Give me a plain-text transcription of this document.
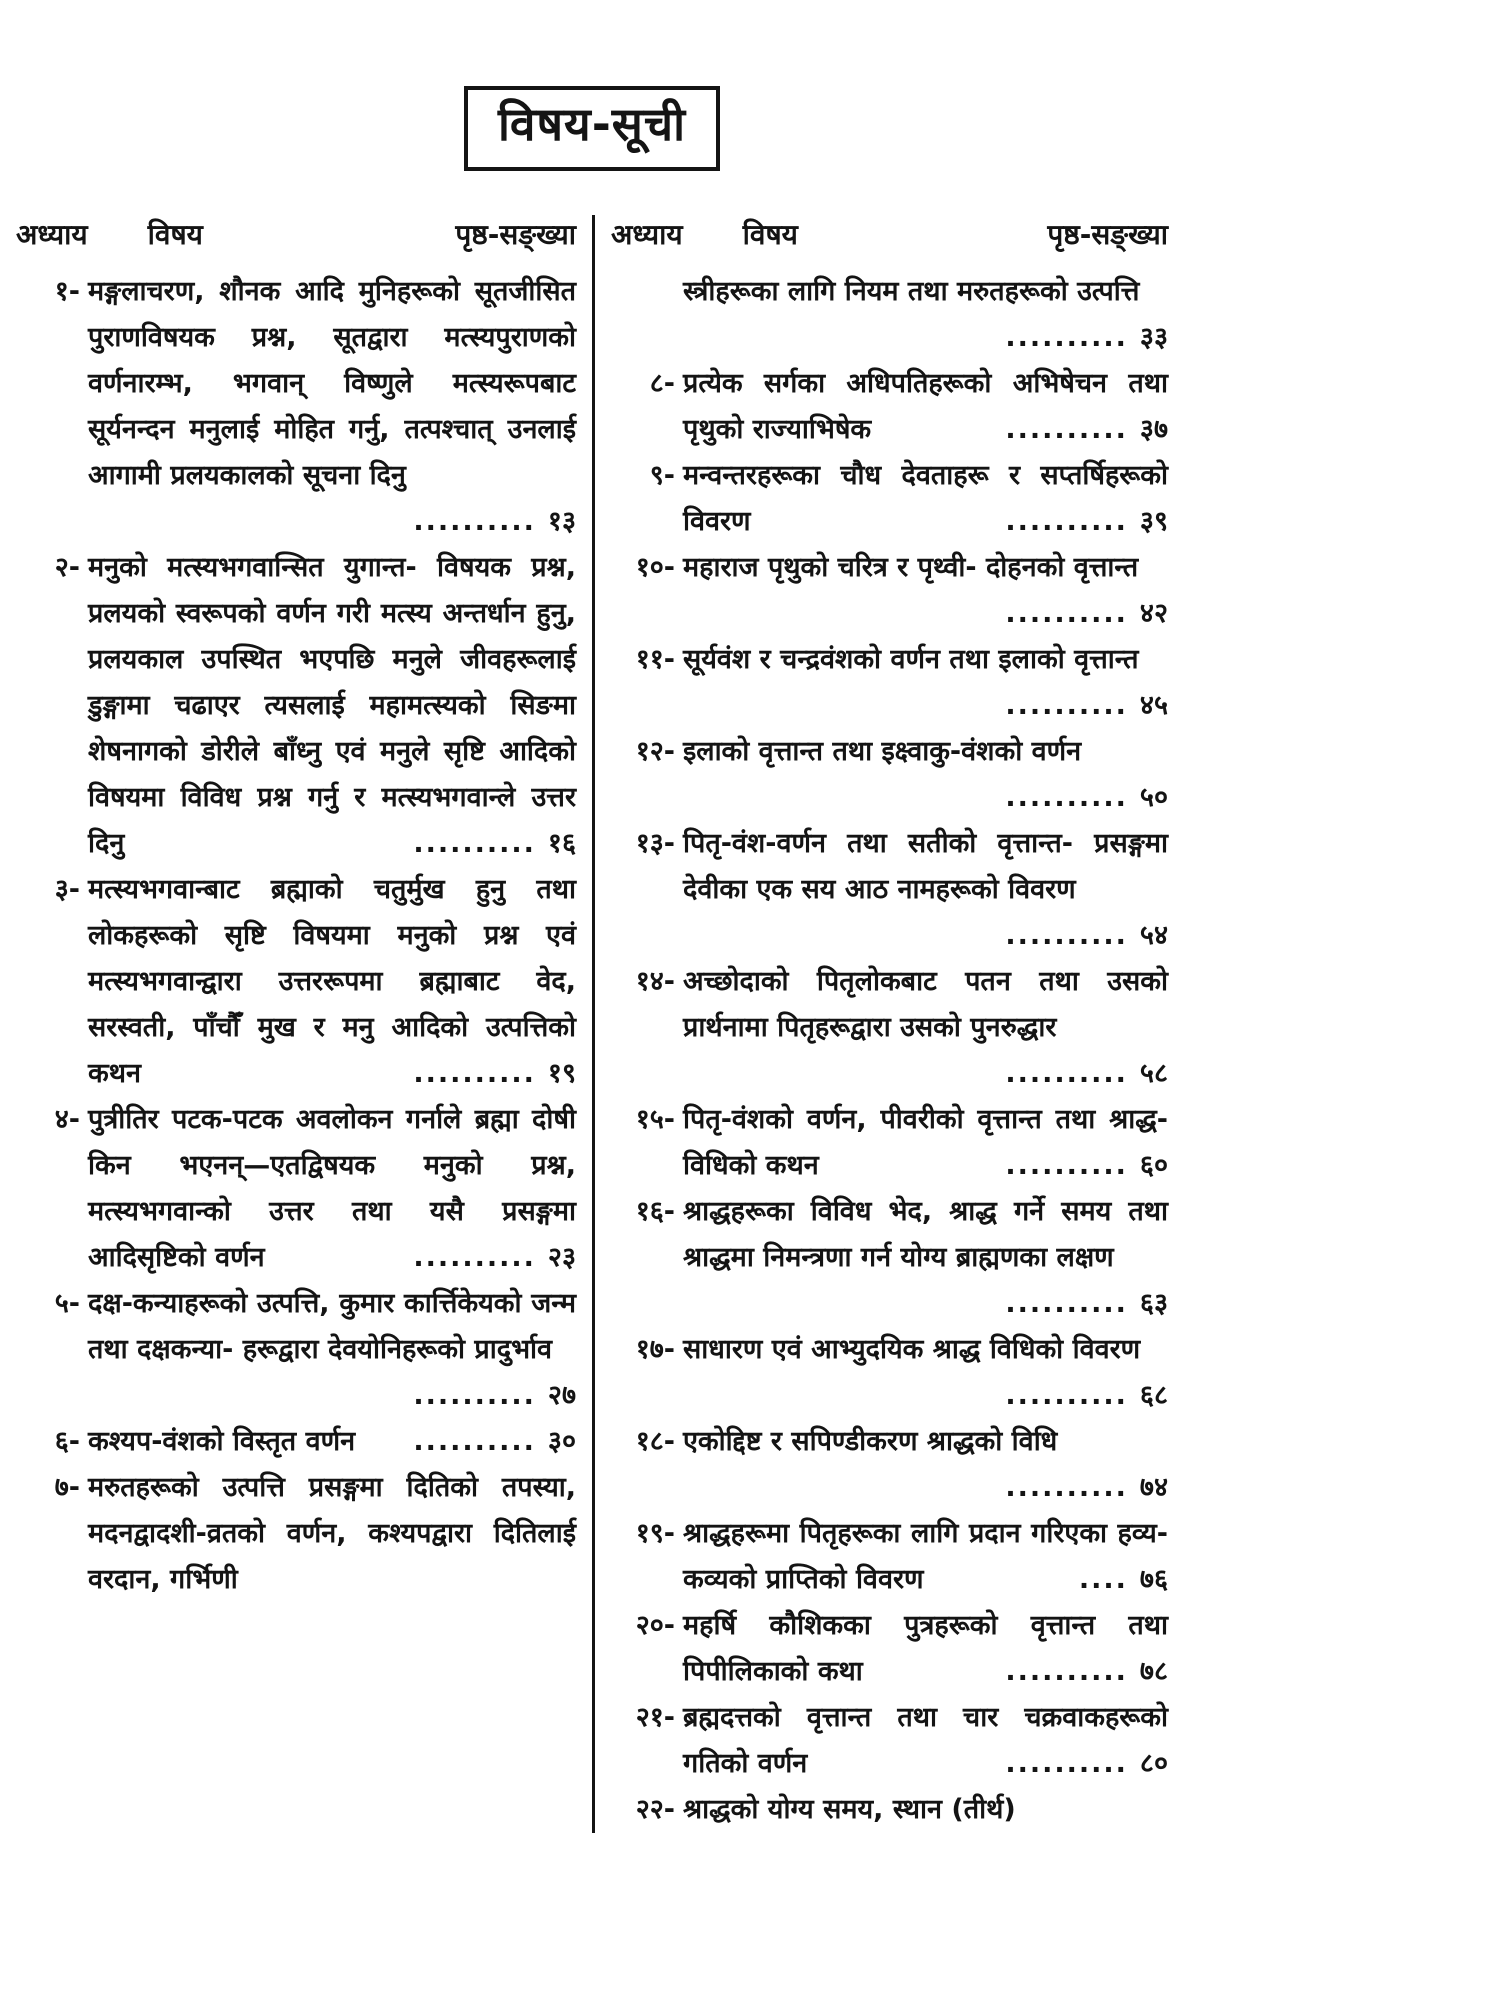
विषय-सूची
अध्याय विषय	पृष्ठ-सङ्ख्या
१- मङ्गलाचरण, शौनक आदि मुनिहरूको सूतजीसित पुराणविषयक प्रश्न, सूतद्वारा मत्स्यपुराणको वर्णनारम्भ, भगवान् विष्णुले मत्स्यरूपबाट सूर्यनन्दन मनुलाई मोहित गर्नु, तत्पश्चात् उनलाई आगामी प्रलयकालको सूचना दिनु
.......... १३
२- मनुको मत्स्यभगवान्सित युगान्त- विषयक प्रश्न, प्रलयको स्वरूपको वर्णन गरी मत्स्य अन्तर्धान हुनु, प्रलयकाल उपस्थित भएपछि मनुले जीवहरूलाई डुङ्गामा चढाएर त्यसलाई महामत्स्यको सिङमा शेषनागको डोरीले बाँध्नु एवं मनुले सृष्टि आदिको विषयमा विविध प्रश्न गर्नु र मत्स्यभगवान्ले उत्तर दिनु	.......... १६
३- मत्स्यभगवान्बाट ब्रह्माको चतुर्मुख हुनु तथा लोकहरूको सृष्टि विषयमा मनुको प्रश्न एवं मत्स्यभगवान्द्वारा उत्तररूपमा ब्रह्माबाट वेद, सरस्वती, पाँचौँ मुख र मनु आदिको उत्पत्तिको कथन	.......... १९
४- पुत्रीतिर पटक-पटक अवलोकन गर्नाले ब्रह्मा दोषी किन भएनन्—एतद्विषयक मनुको प्रश्न, मत्स्यभगवान्को उत्तर तथा यसै प्रसङ्गमा आदिसृष्टिको वर्णन	.......... २३
५- दक्ष-कन्याहरूको उत्पत्ति, कुमार कार्त्तिकेयको जन्म तथा दक्षकन्या- हरूद्वारा देवयोनिहरूको प्रादुर्भाव
.......... २७
६- कश्यप-वंशको विस्तृत वर्णन .......... ३०
७- मरुतहरूको उत्पत्ति प्रसङ्गमा दितिको तपस्या, मदनद्वादशी-व्रतको वर्णन, कश्यपद्वारा दितिलाई वरदान, गर्भिणी
अध्याय विषय	पृष्ठ-सङ्ख्या
स्त्रीहरूका लागि नियम तथा मरुतहरूको उत्पत्ति
.......... ३३
८- प्रत्येक सर्गका अधिपतिहरूको अभिषेचन तथा पृथुको राज्याभिषेक	.......... ३७
९- मन्वन्तरहरूका चौध देवताहरू र सप्तर्षिहरूको विवरण	.......... ३९
१०- महाराज पृथुको चरित्र र पृथ्वी- दोहनको वृत्तान्त
.......... ४२
११- सूर्यवंश र चन्द्रवंशको वर्णन तथा इलाको वृत्तान्त
.......... ४५
१२- इलाको वृत्तान्त तथा इक्ष्वाकु-वंशको वर्णन
.......... ५०
१३- पितृ-वंश-वर्णन तथा सतीको वृत्तान्त- प्रसङ्गमा देवीका एक सय आठ नामहरूको विवरण
.......... ५४
१४- अच्छोदाको पितृलोकबाट पतन तथा उसको प्रार्थनामा पितृहरूद्वारा उसको पुनरुद्धार
.......... ५८
१५- पितृ-वंशको वर्णन, पीवरीको वृत्तान्त तथा श्राद्ध-विधिको कथन	.......... ६०
१६- श्राद्धहरूका विविध भेद, श्राद्ध गर्ने समय तथा श्राद्धमा निमन्त्रणा गर्न योग्य ब्राह्मणका लक्षण
.......... ६३
१७- साधारण एवं आभ्युदयिक श्राद्ध विधिको विवरण
.......... ६८
१८- एकोद्दिष्ट र सपिण्डीकरण श्राद्धको विधि
.......... ७४
१९- श्राद्धहरूमा पितृहरूका लागि प्रदान गरिएका हव्य-कव्यको प्राप्तिको विवरण	.... ७६
२०- महर्षि कौशिकका पुत्रहरूको वृत्तान्त तथा पिपीलिकाको कथा	.......... ७८
२१- ब्रह्मदत्तको वृत्तान्त तथा चार चक्रवाकहरूको गतिको वर्णन	.......... ८०
२२- श्राद्धको योग्य समय, स्थान (तीर्थ)
